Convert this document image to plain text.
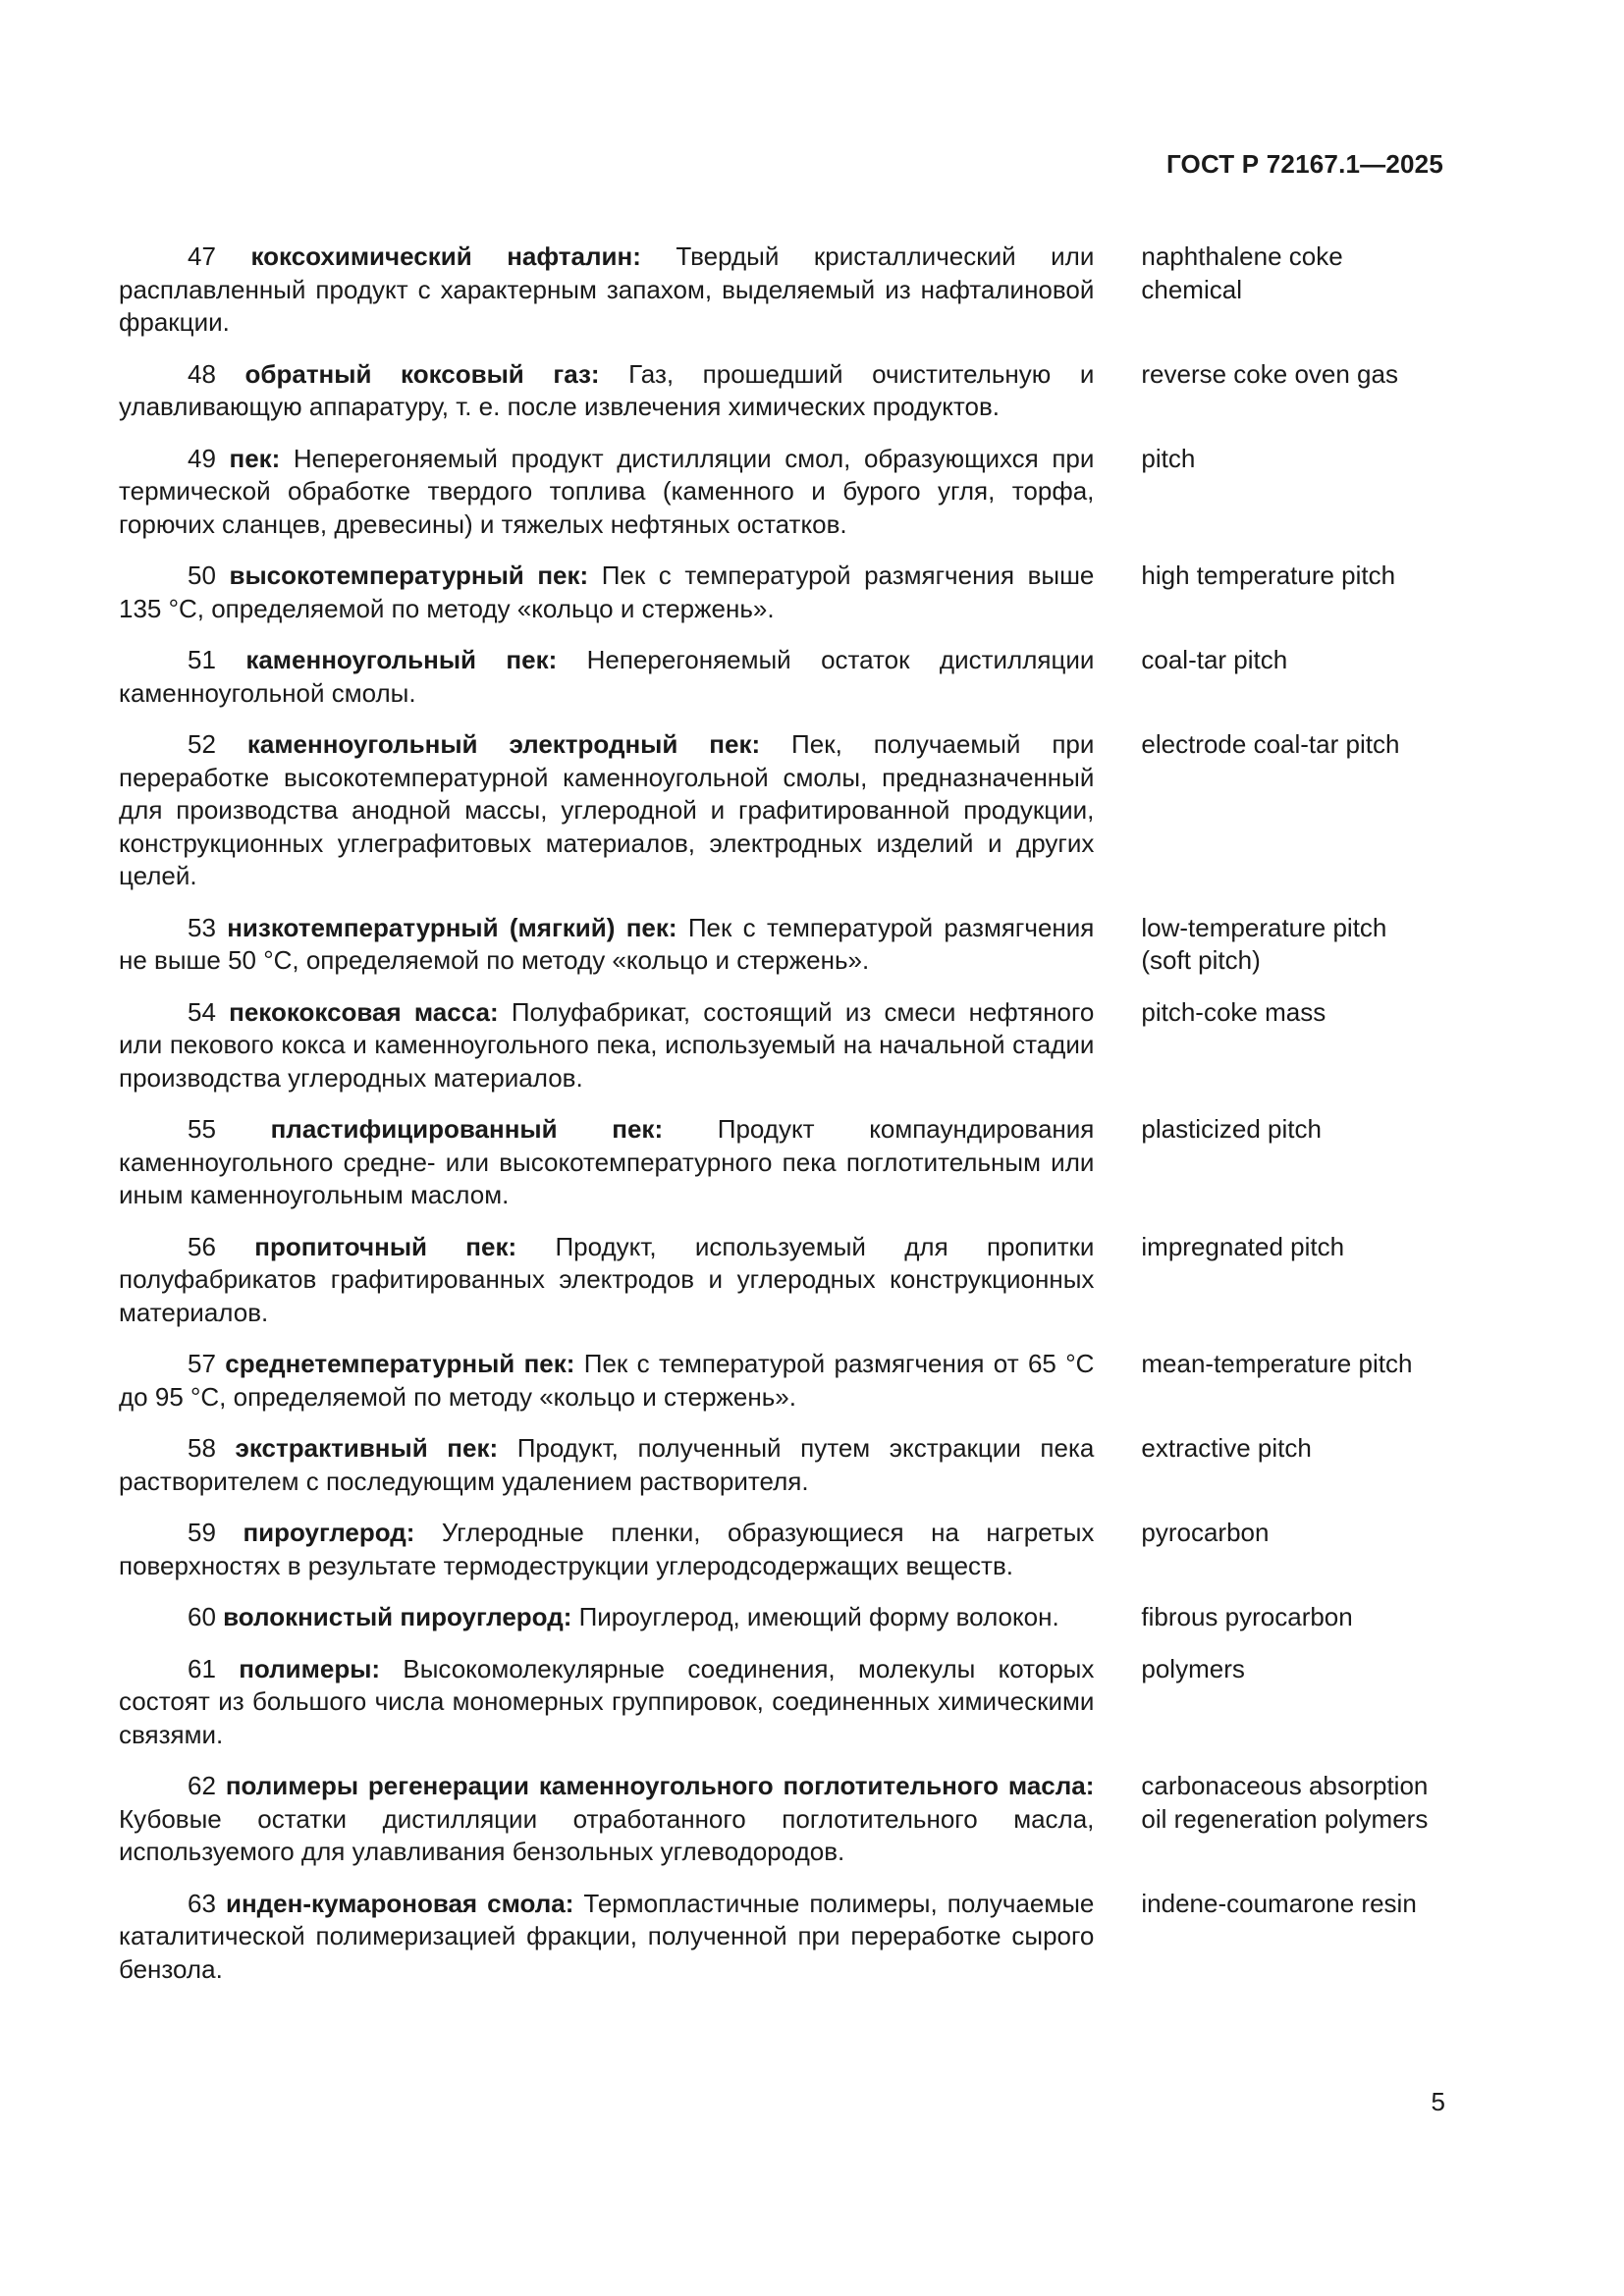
ГОСТ Р 72167.1—2025
47 коксохимический нафталин: Твердый кристаллический или расплавленный продукт с характерным запахом, выделяемый из нафталиновой фракции.
naphthalene coke chemical
48 обратный коксовый газ: Газ, прошедший очистительную и улавливающую аппаратуру, т. е. после извлечения химических продуктов.
reverse coke oven gas
49 пек: Неперегоняемый продукт дистилляции смол, образующихся при термической обработке твердого топлива (каменного и бурого угля, торфа, горючих сланцев, древесины) и тяжелых нефтяных остатков.
pitch
50 высокотемпературный пек: Пек с температурой размягчения выше 135 °C, определяемой по методу «кольцо и стержень».
high temperature pitch
51 каменноугольный пек: Неперегоняемый остаток дистилляции каменноугольной смолы.
coal-tar pitch
52 каменноугольный электродный пек: Пек, получаемый при переработке высокотемпературной каменноугольной смолы, предназначенный для производства анодной массы, углеродной и графитированной продукции, конструкционных углеграфитовых материалов, электродных изделий и других целей.
electrode coal-tar pitch
53 низкотемпературный (мягкий) пек: Пек с температурой размягчения не выше 50 °C, определяемой по методу «кольцо и стержень».
low-temperature pitch (soft pitch)
54 пекококсовая масса: Полуфабрикат, состоящий из смеси нефтяного или пекового кокса и каменноугольного пека, используемый на начальной стадии производства углеродных материалов.
pitch-coke mass
55 пластифицированный пек: Продукт компаундирования каменноугольного средне- или высокотемпературного пека поглотительным или иным каменноугольным маслом.
plasticized pitch
56 пропиточный пек: Продукт, используемый для пропитки полуфабрикатов графитированных электродов и углеродных конструкционных материалов.
impregnated pitch
57 среднетемпературный пек: Пек с температурой размягчения от 65 °C до 95 °C, определяемой по методу «кольцо и стержень».
mean-temperature pitch
58 экстрактивный пек: Продукт, полученный путем экстракции пека растворителем с последующим удалением растворителя.
extractive pitch
59 пироуглерод: Углеродные пленки, образующиеся на нагретых поверхностях в результате термодеструкции углеродсодержащих веществ.
pyrocarbon
60 волокнистый пироуглерод: Пироуглерод, имеющий форму волокон.	fibrous pyrocarbon
61 полимеры: Высокомолекулярные соединения, молекулы которых состоят из большого числа мономерных группировок, соединенных химическими связями.
polymers
62 полимеры регенерации каменноугольного поглотительного масла: Кубовые остатки дистилляции отработанного поглотительного масла, используемого для улавливания бензольных углеводородов.
carbonaceous absorption oil regeneration polymers
63 инден-кумароновая смола: Термопластичные полимеры, получаемые каталитической полимеризацией фракции, полученной при переработке сырого бензола.
indene-coumarone resin
5
